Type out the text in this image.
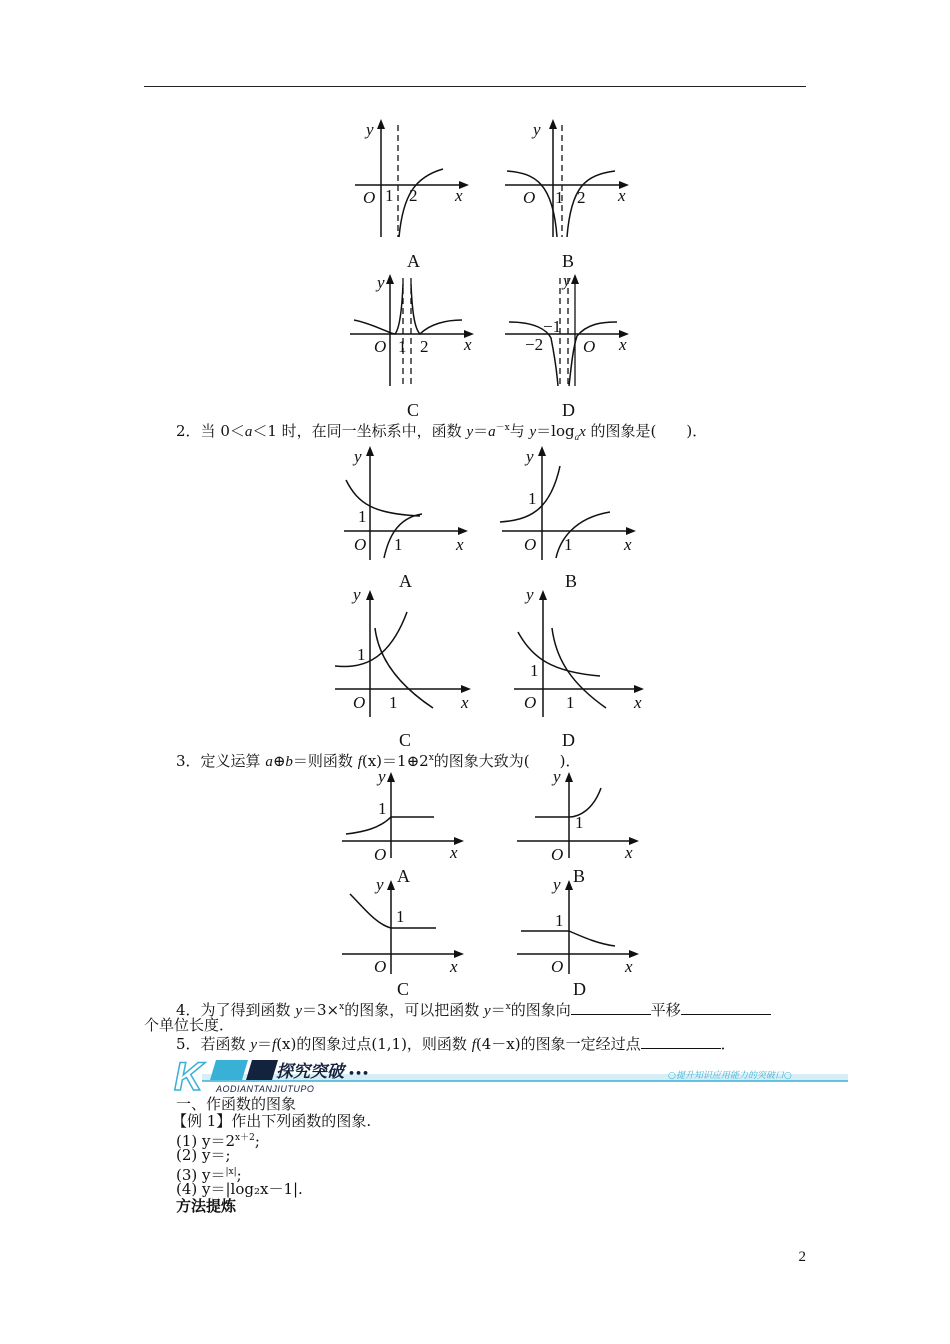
y
x
O 1 2
A
y
x
O 1 2
B
y
x
O 1 2
C
y
x
O
−2
−1
D
2．当 0＜a＜1 时，在同一坐标系中，函数 $y=a^{-x}$与 $y=\log_ax$ 的图象是(　　)．
y
x
O
1
1
A
y
x
O
1
1
B
y
x
O
1
1
C
y
x
O
1
1
D
3．定义运算 a⊕b＝则函数 $f(x)=1\oplus 2^x$的图象大致为(　　)．
y
x
O
1
A
y
x
O
1
B
y
x
O
1
C
y
x
O
1
D
4．为了得到函数 y＝3×$^x$的图象，可以把函数 y＝$^x$的图象向	平移
个单位长度．
5．若函数 y＝f(x)的图象过点(1,1)，则函数 f(4－x)的图象一定经过点	．
K	探究突破 •••
AODIANTANJIUTUPO
○提升知识应用能力的突破口○
一、作函数的图象
【例 1】作出下列函数的图象.
(1) $y=2^{x+2}$;
(2) y＝;
(3) y＝$^{|x|}$;
(4) y＝|log₂x－1|.
方法提炼
2
